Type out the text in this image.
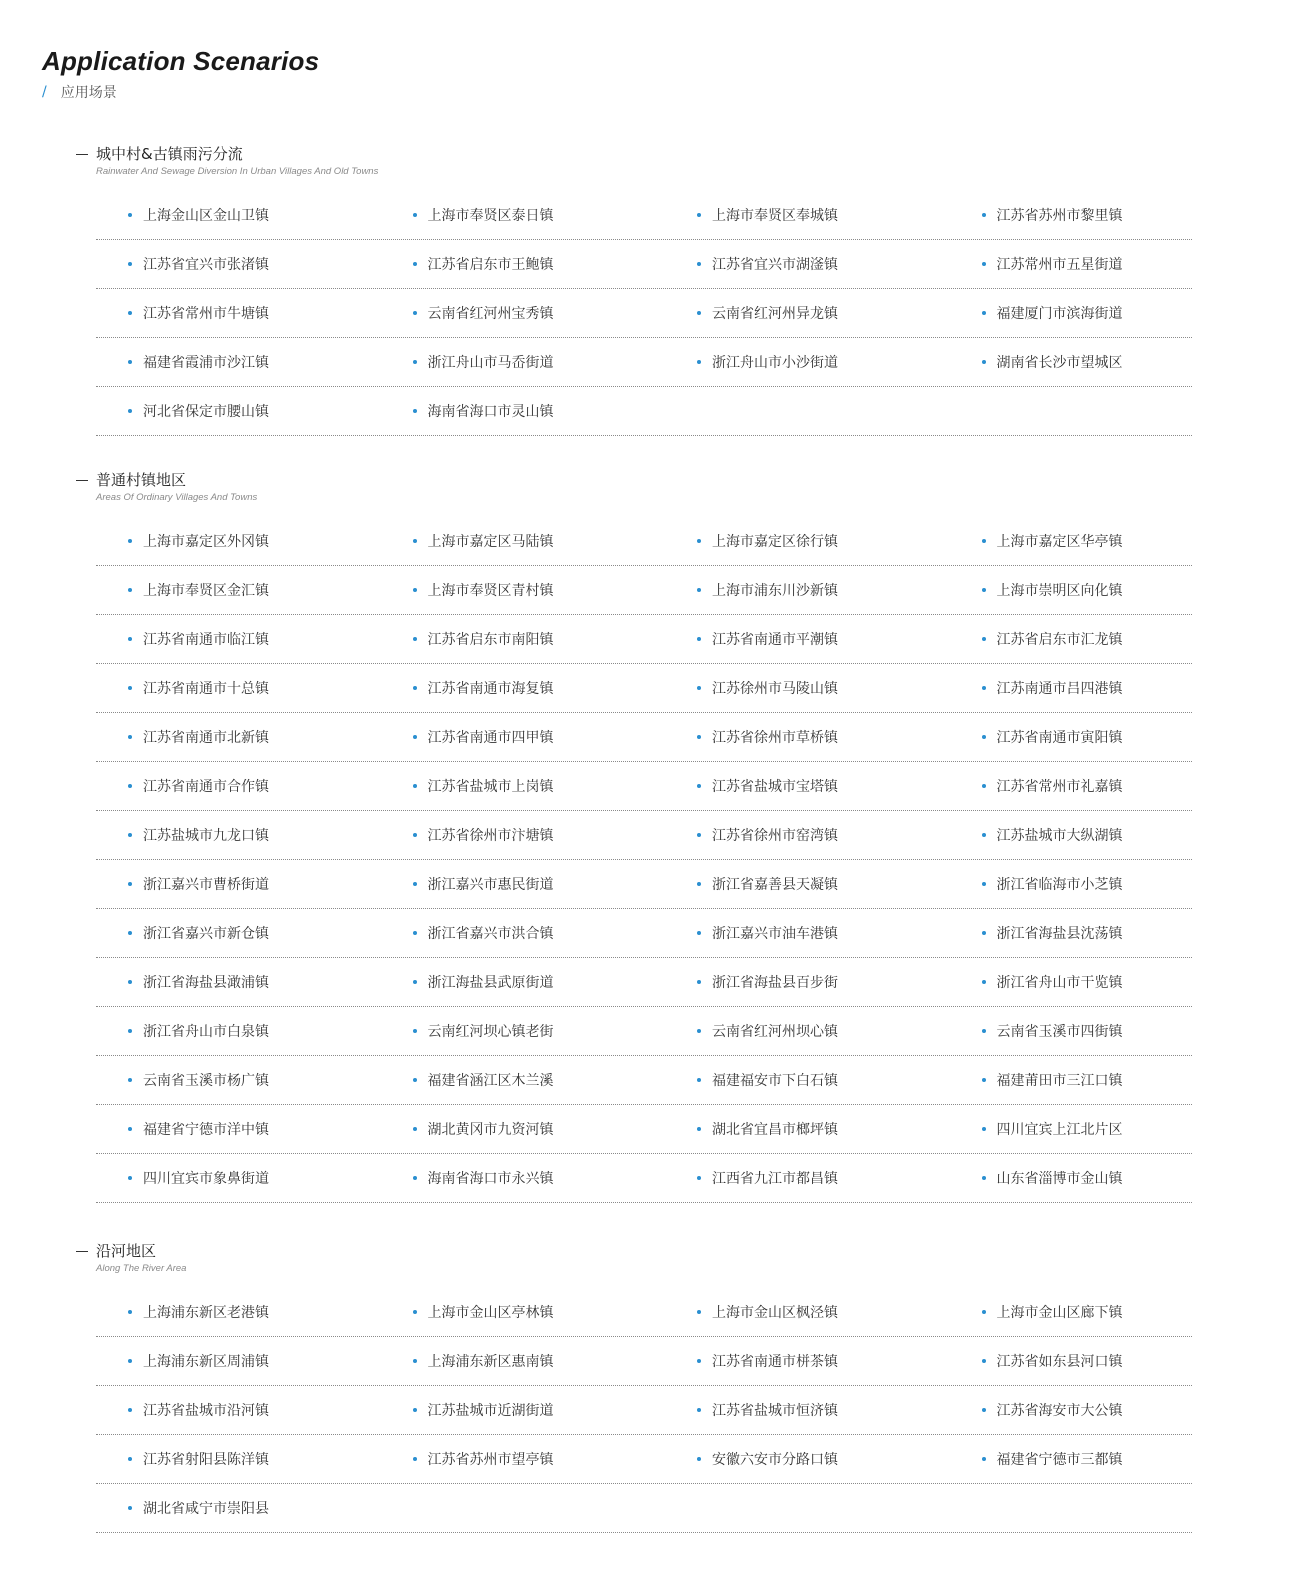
Application Scenarios
/ 应用场景
城中村&古镇雨污分流
Rainwater And Sewage Diversion In Urban Villages And Old Towns
上海金山区金山卫镇	上海市奉贤区泰日镇	上海市奉贤区奉城镇	江苏省苏州市黎里镇
江苏省宜兴市张渚镇	江苏省启东市王鲍镇	江苏省宜兴市湖滏镇	江苏常州市五星街道
江苏省常州市牛塘镇	云南省红河州宝秀镇	云南省红河州异龙镇	福建厦门市滨海街道
福建省霞浦市沙江镇	浙江舟山市马岙街道	浙江舟山市小沙街道	湖南省长沙市望城区
河北省保定市腰山镇	海南省海口市灵山镇
普通村镇地区
Areas Of Ordinary Villages And Towns
上海市嘉定区外冈镇	上海市嘉定区马陆镇	上海市嘉定区徐行镇	上海市嘉定区华亭镇
上海市奉贤区金汇镇	上海市奉贤区青村镇	上海市浦东川沙新镇	上海市崇明区向化镇
江苏省南通市临江镇	江苏省启东市南阳镇	江苏省南通市平潮镇	江苏省启东市汇龙镇
江苏省南通市十总镇	江苏省南通市海复镇	江苏徐州市马陵山镇	江苏南通市吕四港镇
江苏省南通市北新镇	江苏省南通市四甲镇	江苏省徐州市草桥镇	江苏省南通市寅阳镇
江苏省南通市合作镇	江苏省盐城市上岗镇	江苏省盐城市宝塔镇	江苏省常州市礼嘉镇
江苏盐城市九龙口镇	江苏省徐州市汴塘镇	江苏省徐州市窑湾镇	江苏盐城市大纵湖镇
浙江嘉兴市曹桥街道	浙江嘉兴市惠民街道	浙江省嘉善县天凝镇	浙江省临海市小芝镇
浙江省嘉兴市新仓镇	浙江省嘉兴市洪合镇	浙江嘉兴市油车港镇	浙江省海盐县沈荡镇
浙江省海盐县澉浦镇	浙江海盐县武原街道	浙江省海盐县百步街	浙江省舟山市干览镇
浙江省舟山市白泉镇	云南红河坝心镇老街	云南省红河州坝心镇	云南省玉溪市四街镇
云南省玉溪市杨广镇	福建省涵江区木兰溪	福建福安市下白石镇	福建莆田市三江口镇
福建省宁德市洋中镇	湖北黄冈市九资河镇	湖北省宜昌市榔坪镇	四川宜宾上江北片区
四川宜宾市象鼻街道	海南省海口市永兴镇	江西省九江市都昌镇	山东省淄博市金山镇
沿河地区
Along The River Area
上海浦东新区老港镇	上海市金山区亭林镇	上海市金山区枫泾镇	上海市金山区廊下镇
上海浦东新区周浦镇	上海浦东新区惠南镇	江苏省南通市栟茶镇	江苏省如东县河口镇
江苏省盐城市沿河镇	江苏盐城市近湖街道	江苏省盐城市恒济镇	江苏省海安市大公镇
江苏省射阳县陈洋镇	江苏省苏州市望亭镇	安徽六安市分路口镇	福建省宁德市三都镇
湖北省咸宁市崇阳县
